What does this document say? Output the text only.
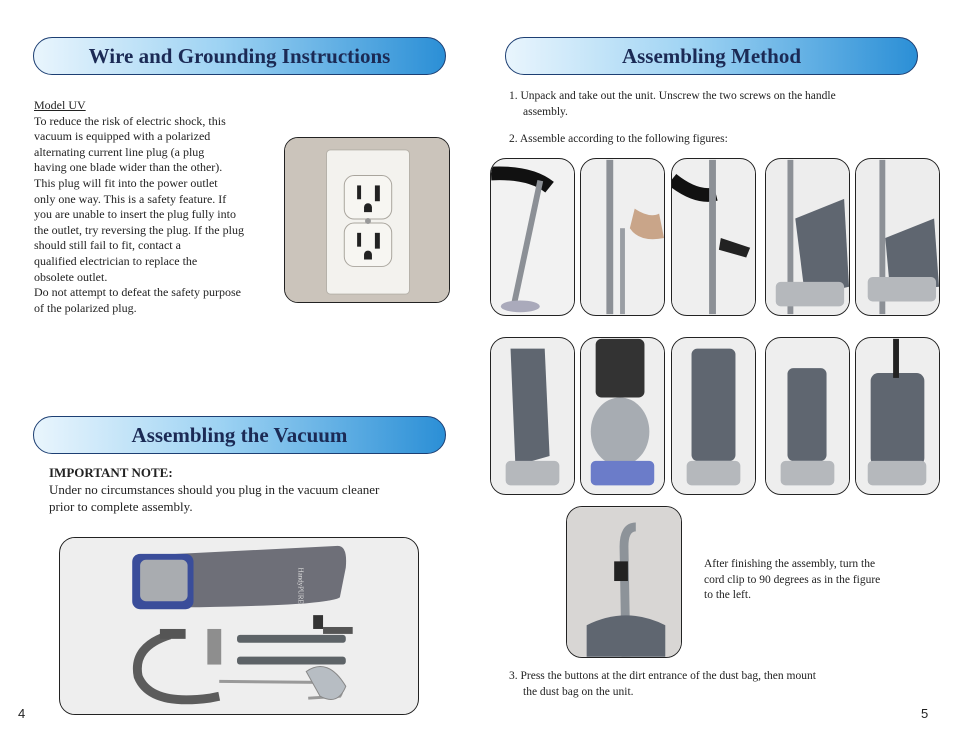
Wire and Grounding Instructions
Model UV
To reduce the risk of electric shock, this
vacuum is equipped with a polarized
alternating current line plug (a plug
having one blade wider than the other).
This plug will fit into the power outlet
only one way. This is a safety feature. If
you are unable to insert the plug fully into
the outlet, try reversing the plug. If the plug
should still fail to fit, contact a
qualified electrician to replace the
obsolete outlet.
Do not attempt to defeat the safety purpose
of the polarized plug.
Assembling the Vacuum
IMPORTANT NOTE:
Under no circumstances should you plug in the vacuum cleaner
prior to complete assembly.
HandyPURE
4
Assembling Method
1. Unpack and take out the unit. Unscrew the two screws on the handle
assembly.
2. Assemble according to the following figures:
After finishing the assembly, turn the
cord clip to 90 degrees as in the figure
to the left.
3. Press the buttons at the dirt entrance of the dust bag, then mount
the dust bag on the unit.
5
